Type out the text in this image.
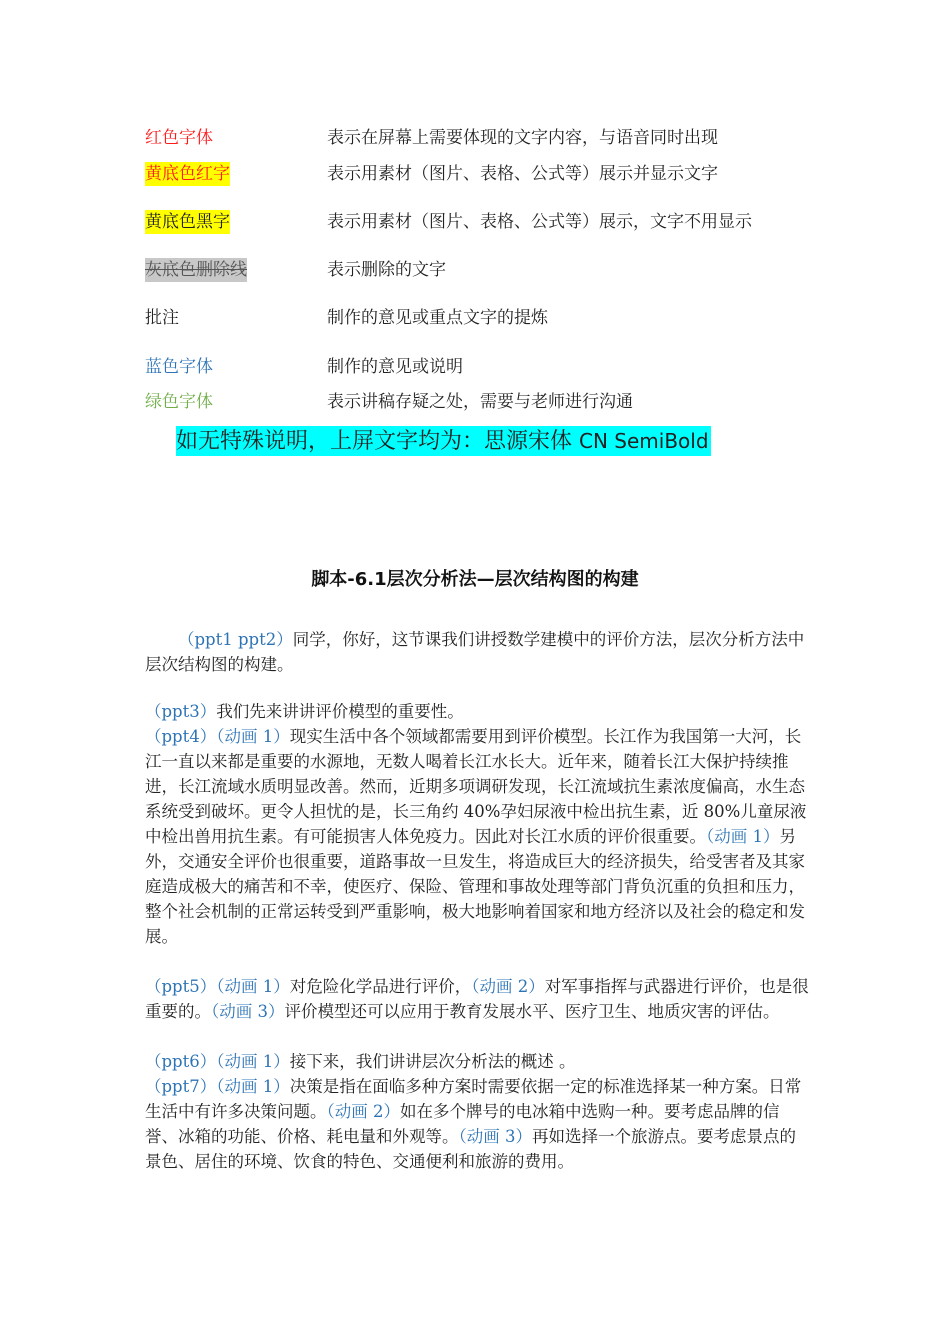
红色字体	表示在屏幕上需要体现的文字内容，与语音同时出现
黄底色红字	表示用素材（图片、表格、公式等）展示并显示文字
黄底色黑字	表示用素材（图片、表格、公式等）展示，文字不用显示
灰底色删除线	表示删除的文字
批注	制作的意见或重点文字的提炼
蓝色字体	制作的意见或说明
绿色字体	表示讲稿存疑之处，需要与老师进行沟通
如无特殊说明，上屏文字均为：思源宋体 CN SemiBold
脚本-6.1层次分析法—层次结构图的构建
（ppt1 ppt2）同学，你好，这节课我们讲授数学建模中的评价方法，层次分析方法中层次结构图的构建。
（ppt3）我们先来讲讲评价模型的重要性。
（ppt4）（动画 1）现实生活中各个领域都需要用到评价模型。长江作为我国第一大河，长江一直以来都是重要的水源地，无数人喝着长江水长大。近年来，随着长江大保护持续推进，长江流域水质明显改善。然而，近期多项调研发现，长江流域抗生素浓度偏高，水生态系统受到破坏。更令人担忧的是，长三角约 40%孕妇尿液中检出抗生素，近 80%儿童尿液中检出兽用抗生素。有可能损害人体免疫力。因此对长江水质的评价很重要。（动画 1）另外，交通安全评价也很重要，道路事故一旦发生，将造成巨大的经济损失，给受害者及其家庭造成极大的痛苦和不幸，使医疗、保险、管理和事故处理等部门背负沉重的负担和压力，整个社会机制的正常运转受到严重影响，极大地影响着国家和地方经济以及社会的稳定和发展。
（ppt5）（动画 1）对危险化学品进行评价，（动画 2）对军事指挥与武器进行评价，也是很重要的。（动画 3）评价模型还可以应用于教育发展水平、医疗卫生、地质灾害的评估。
（ppt6）（动画 1）接下来，我们讲讲层次分析法的概述 。
（ppt7）（动画 1）决策是指在面临多种方案时需要依据一定的标准选择某一种方案。日常生活中有许多决策问题。（动画 2）如在多个牌号的电冰箱中选购一种。要考虑品牌的信誉、冰箱的功能、价格、耗电量和外观等。（动画 3）再如选择一个旅游点。要考虑景点的景色、居住的环境、饮食的特色、交通便利和旅游的费用。
